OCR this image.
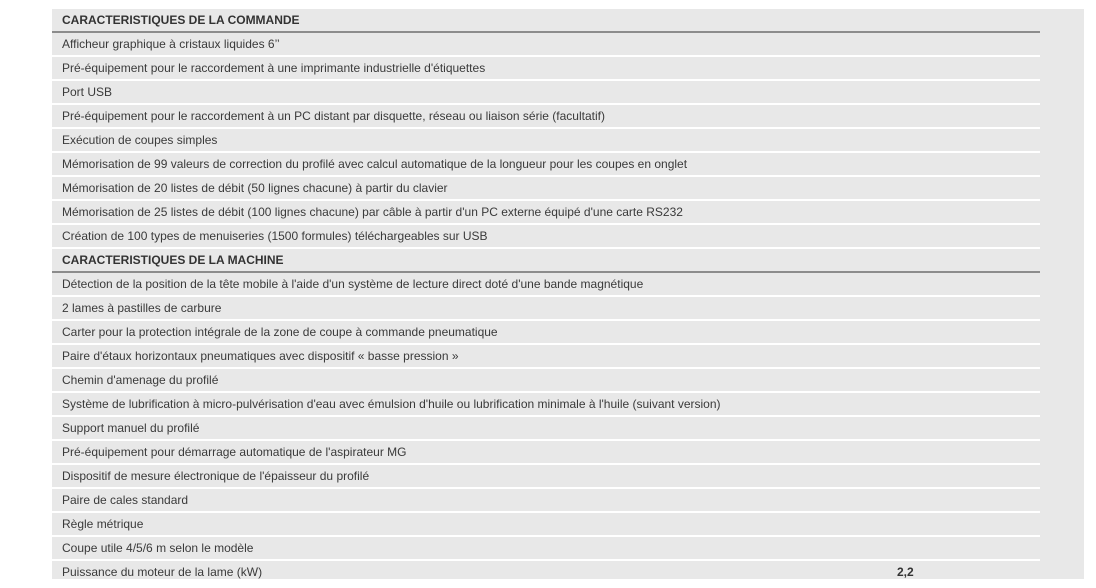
CARACTERISTIQUES DE LA COMMANDE
Afficheur graphique à cristaux liquides 6’’
Pré-équipement pour le raccordement à une imprimante industrielle d'étiquettes
Port USB
Pré-équipement pour le raccordement à un PC distant par disquette, réseau ou liaison série (facultatif)
Exécution de coupes simples
Mémorisation de 99 valeurs de correction du profilé avec calcul automatique de la longueur pour les coupes en onglet
Mémorisation de 20 listes de débit (50 lignes chacune) à partir du clavier
Mémorisation de 25 listes de débit (100 lignes chacune) par câble à partir d'un PC externe équipé d'une carte RS232
Création de 100 types de menuiseries (1500 formules) téléchargeables sur USB
CARACTERISTIQUES DE LA MACHINE
Détection de la position de la tête mobile à l'aide d'un système de lecture direct doté d'une bande magnétique
2 lames à pastilles de carbure
Carter pour la protection intégrale de la zone de coupe à commande pneumatique
Paire d'étaux horizontaux pneumatiques avec dispositif « basse pression »
Chemin d'amenage du profilé
Système de lubrification à micro-pulvérisation d'eau avec émulsion d'huile ou lubrification minimale à l'huile (suivant version)
Support manuel du profilé
Pré-équipement pour démarrage automatique de l'aspirateur MG
Dispositif de mesure électronique de l'épaisseur du profilé
Paire de cales standard
Règle métrique
Coupe utile 4/5/6 m selon le modèle
Puissance du moteur de la lame (kW)	2,2
